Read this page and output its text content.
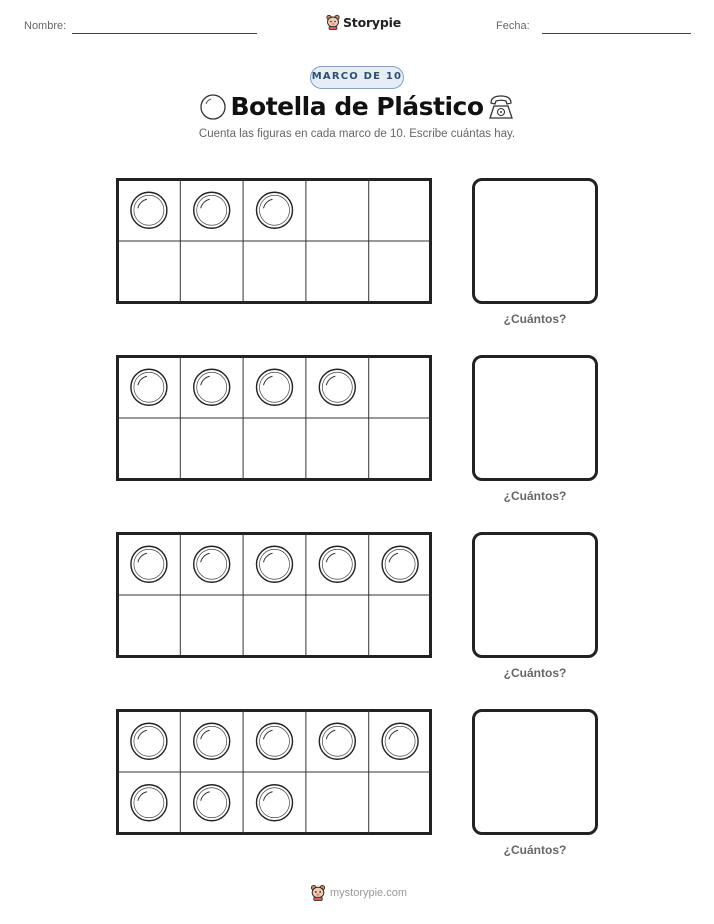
Nombre:	Storypie	Fecha:
MARCO DE 10
Botella de Plástico
Cuenta las figuras en cada marco de 10. Escribe cuántas hay.
¿Cuántos?
¿Cuántos?
¿Cuántos?
¿Cuántos?
mystorypie.com
